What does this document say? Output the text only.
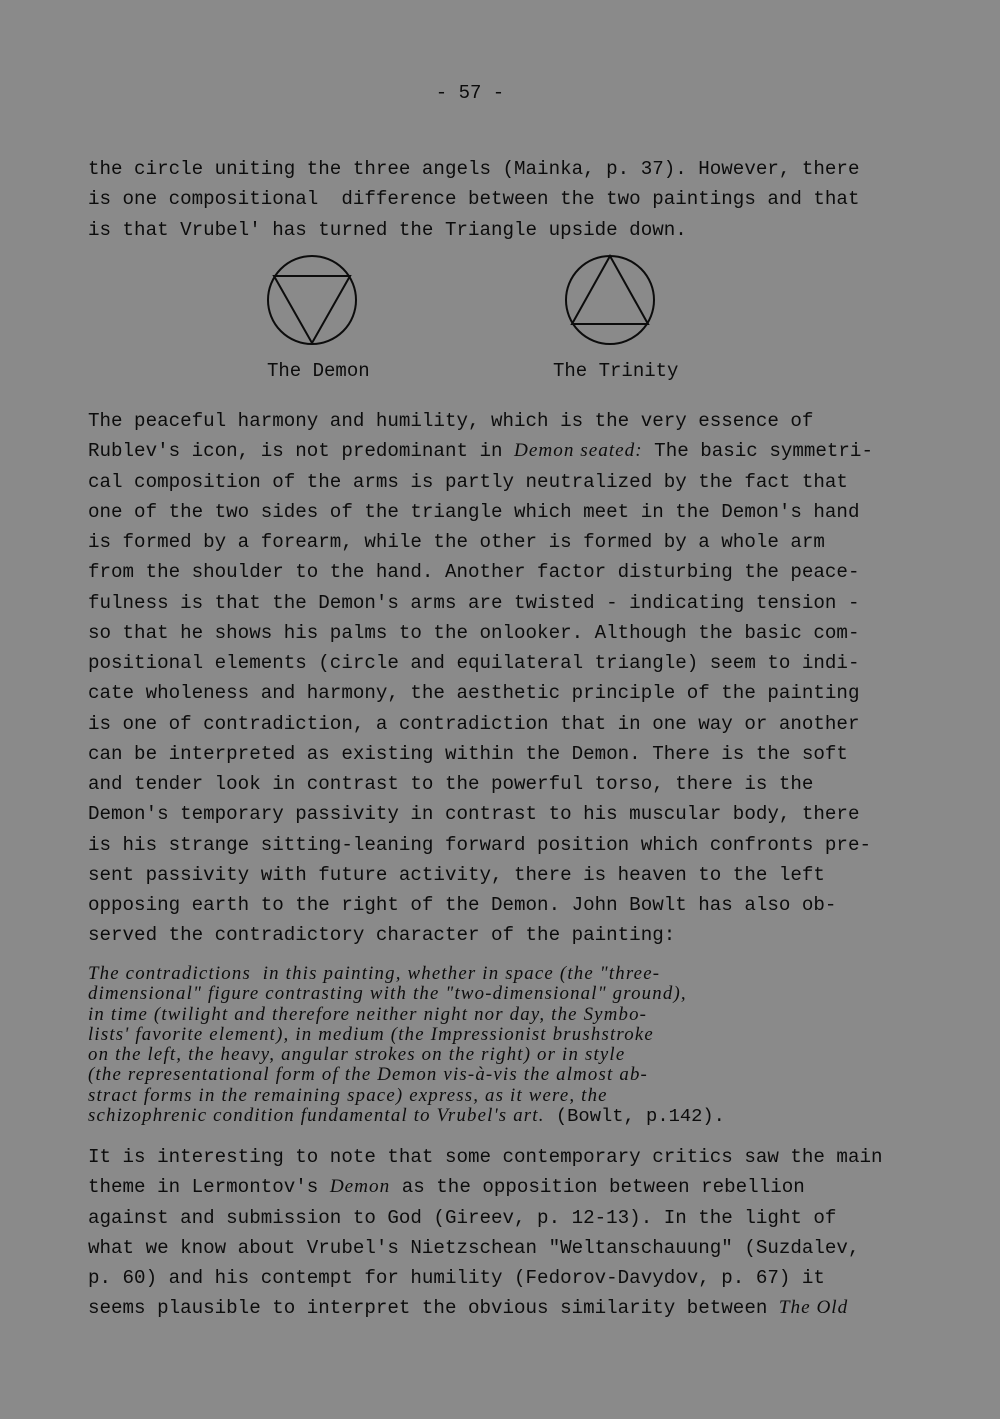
- 57 -
the circle uniting the three angels (Mainka, p. 37). However, there
is one compositional  difference between the two paintings and that
is that Vrubel' has turned the Triangle upside down.
The Demon	The Trinity
The peaceful harmony and humility, which is the very essence of
Rublev's icon, is not predominant in Demon seated: The basic symmetri-
cal composition of the arms is partly neutralized by the fact that
one of the two sides of the triangle which meet in the Demon's hand
is formed by a forearm, while the other is formed by a whole arm
from the shoulder to the hand. Another factor disturbing the peace-
fulness is that the Demon's arms are twisted - indicating tension -
so that he shows his palms to the onlooker. Although the basic com-
positional elements (circle and equilateral triangle) seem to indi-
cate wholeness and harmony, the aesthetic principle of the painting
is one of contradiction, a contradiction that in one way or another
can be interpreted as existing within the Demon. There is the soft
and tender look in contrast to the powerful torso, there is the
Demon's temporary passivity in contrast to his muscular body, there
is his strange sitting-leaning forward position which confronts pre-
sent passivity with future activity, there is heaven to the left
opposing earth to the right of the Demon. John Bowlt has also ob-
served the contradictory character of the painting:
The contradictions  in this painting, whether in space (the "three-
dimensional" figure contrasting with the "two-dimensional" ground),
in time (twilight and therefore neither night nor day, the Symbo-
lists' favorite element), in medium (the Impressionist brushstroke
on the left, the heavy, angular strokes on the right) or in style
(the representational form of the Demon vis-à-vis the almost ab-
stract forms in the remaining space) express, as it were, the
schizophrenic condition fundamental to Vrubel's art. (Bowlt, p.142).
It is interesting to note that some contemporary critics saw the main
theme in Lermontov's Demon as the opposition between rebellion
against and submission to God (Gireev, p. 12-13). In the light of
what we know about Vrubel's Nietzschean "Weltanschauung" (Suzdalev,
p. 60) and his contempt for humility (Fedorov-Davydov, p. 67) it
seems plausible to interpret the obvious similarity between The Old
